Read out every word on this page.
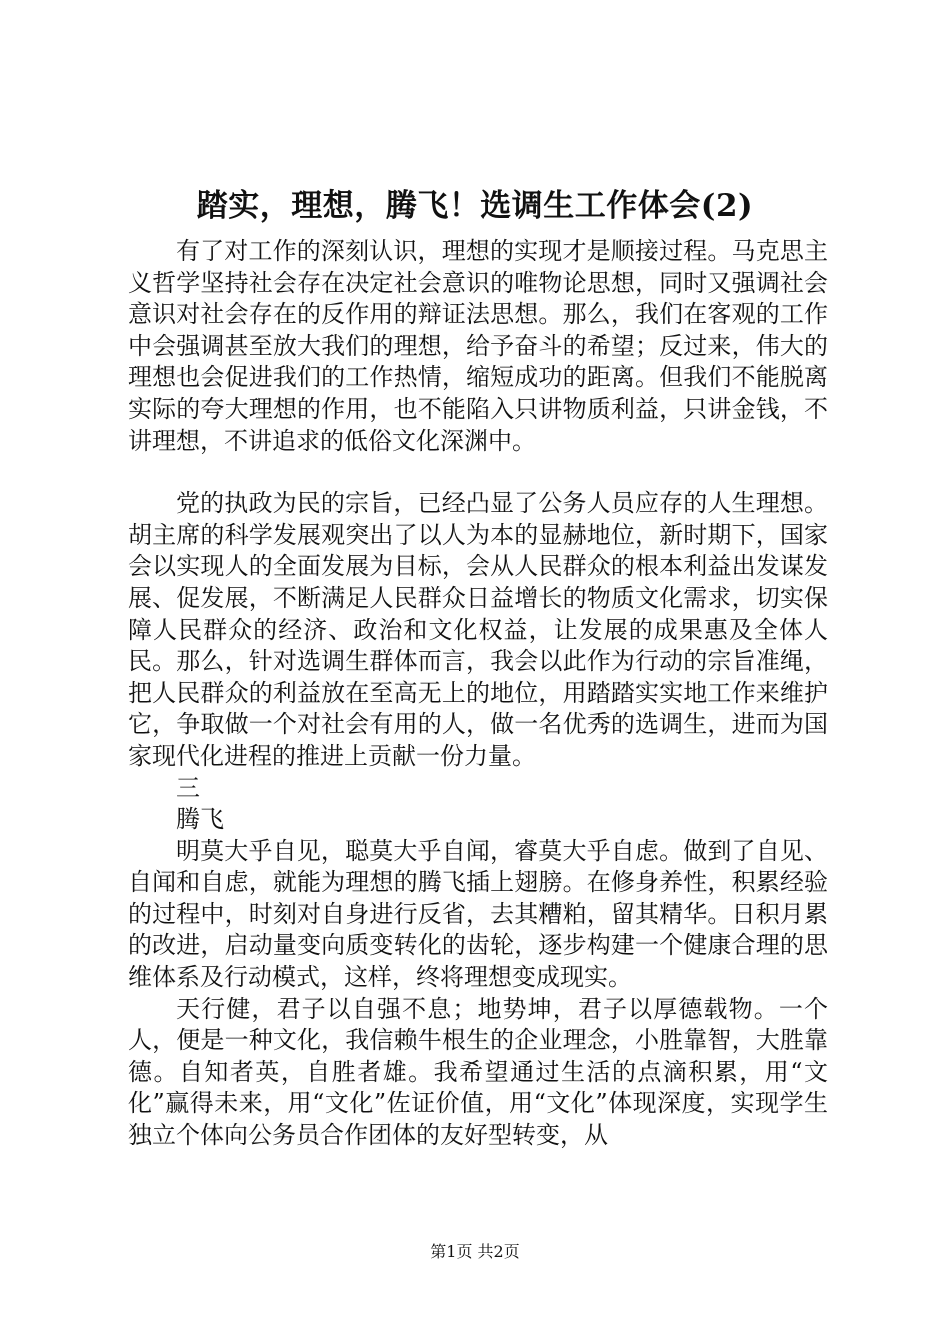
踏实，理想，腾飞！选调生工作体会(2)

有了对工作的深刻认识，理想的实现才是顺接过程。马克思主义哲学坚持社会存在决定社会意识的唯物论思想，同时又强调社会意识对社会存在的反作用的辩证法思想。那么，我们在客观的工作中会强调甚至放大我们的理想，给予奋斗的希望；反过来，伟大的理想也会促进我们的工作热情，缩短成功的距离。但我们不能脱离实际的夸大理想的作用，也不能陷入只讲物质利益，只讲金钱，不讲理想，不讲追求的低俗文化深渊中。

党的执政为民的宗旨，已经凸显了公务人员应存的人生理想。胡主席的科学发展观突出了以人为本的显赫地位，新时期下，国家会以实现人的全面发展为目标，会从人民群众的根本利益出发谋发展、促发展，不断满足人民群众日益增长的物质文化需求，切实保障人民群众的经济、政治和文化权益，让发展的成果惠及全体人民。那么，针对选调生群体而言，我会以此作为行动的宗旨准绳，把人民群众的利益放在至高无上的地位，用踏踏实实地工作来维护它，争取做一个对社会有用的人，做一名优秀的选调生，进而为国家现代化进程的推进上贡献一份力量。

三

腾飞

明莫大乎自见，聪莫大乎自闻，睿莫大乎自虑。做到了自见、自闻和自虑，就能为理想的腾飞插上翅膀。在修身养性，积累经验的过程中，时刻对自身进行反省，去其糟粕，留其精华。日积月累的改进，启动量变向质变转化的齿轮，逐步构建一个健康合理的思维体系及行动模式，这样，终将理想变成现实。

天行健，君子以自强不息；地势坤，君子以厚德载物。一个人，便是一种文化，我信赖牛根生的企业理念，小胜靠智，大胜靠德。自知者英，自胜者雄。我希望通过生活的点滴积累，用“文化”赢得未来，用“文化”佐证价值，用“文化”体现深度，实现学生独立个体向公务员合作团体的友好型转变，从

第1页 共2页
